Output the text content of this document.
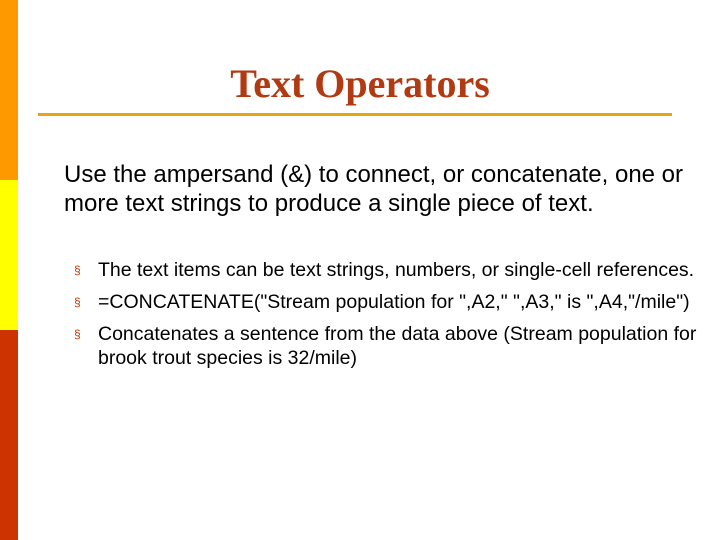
Text Operators
Use the ampersand (&) to connect, or concatenate, one or more text strings to produce a single piece of text.
§ The text items can be text strings, numbers, or single-cell references.
§ =CONCATENATE("Stream population for ",A2," ",A3," is ",A4,"/mile")
§ Concatenates a sentence from the data above (Stream population for brook trout species is 32/mile)
